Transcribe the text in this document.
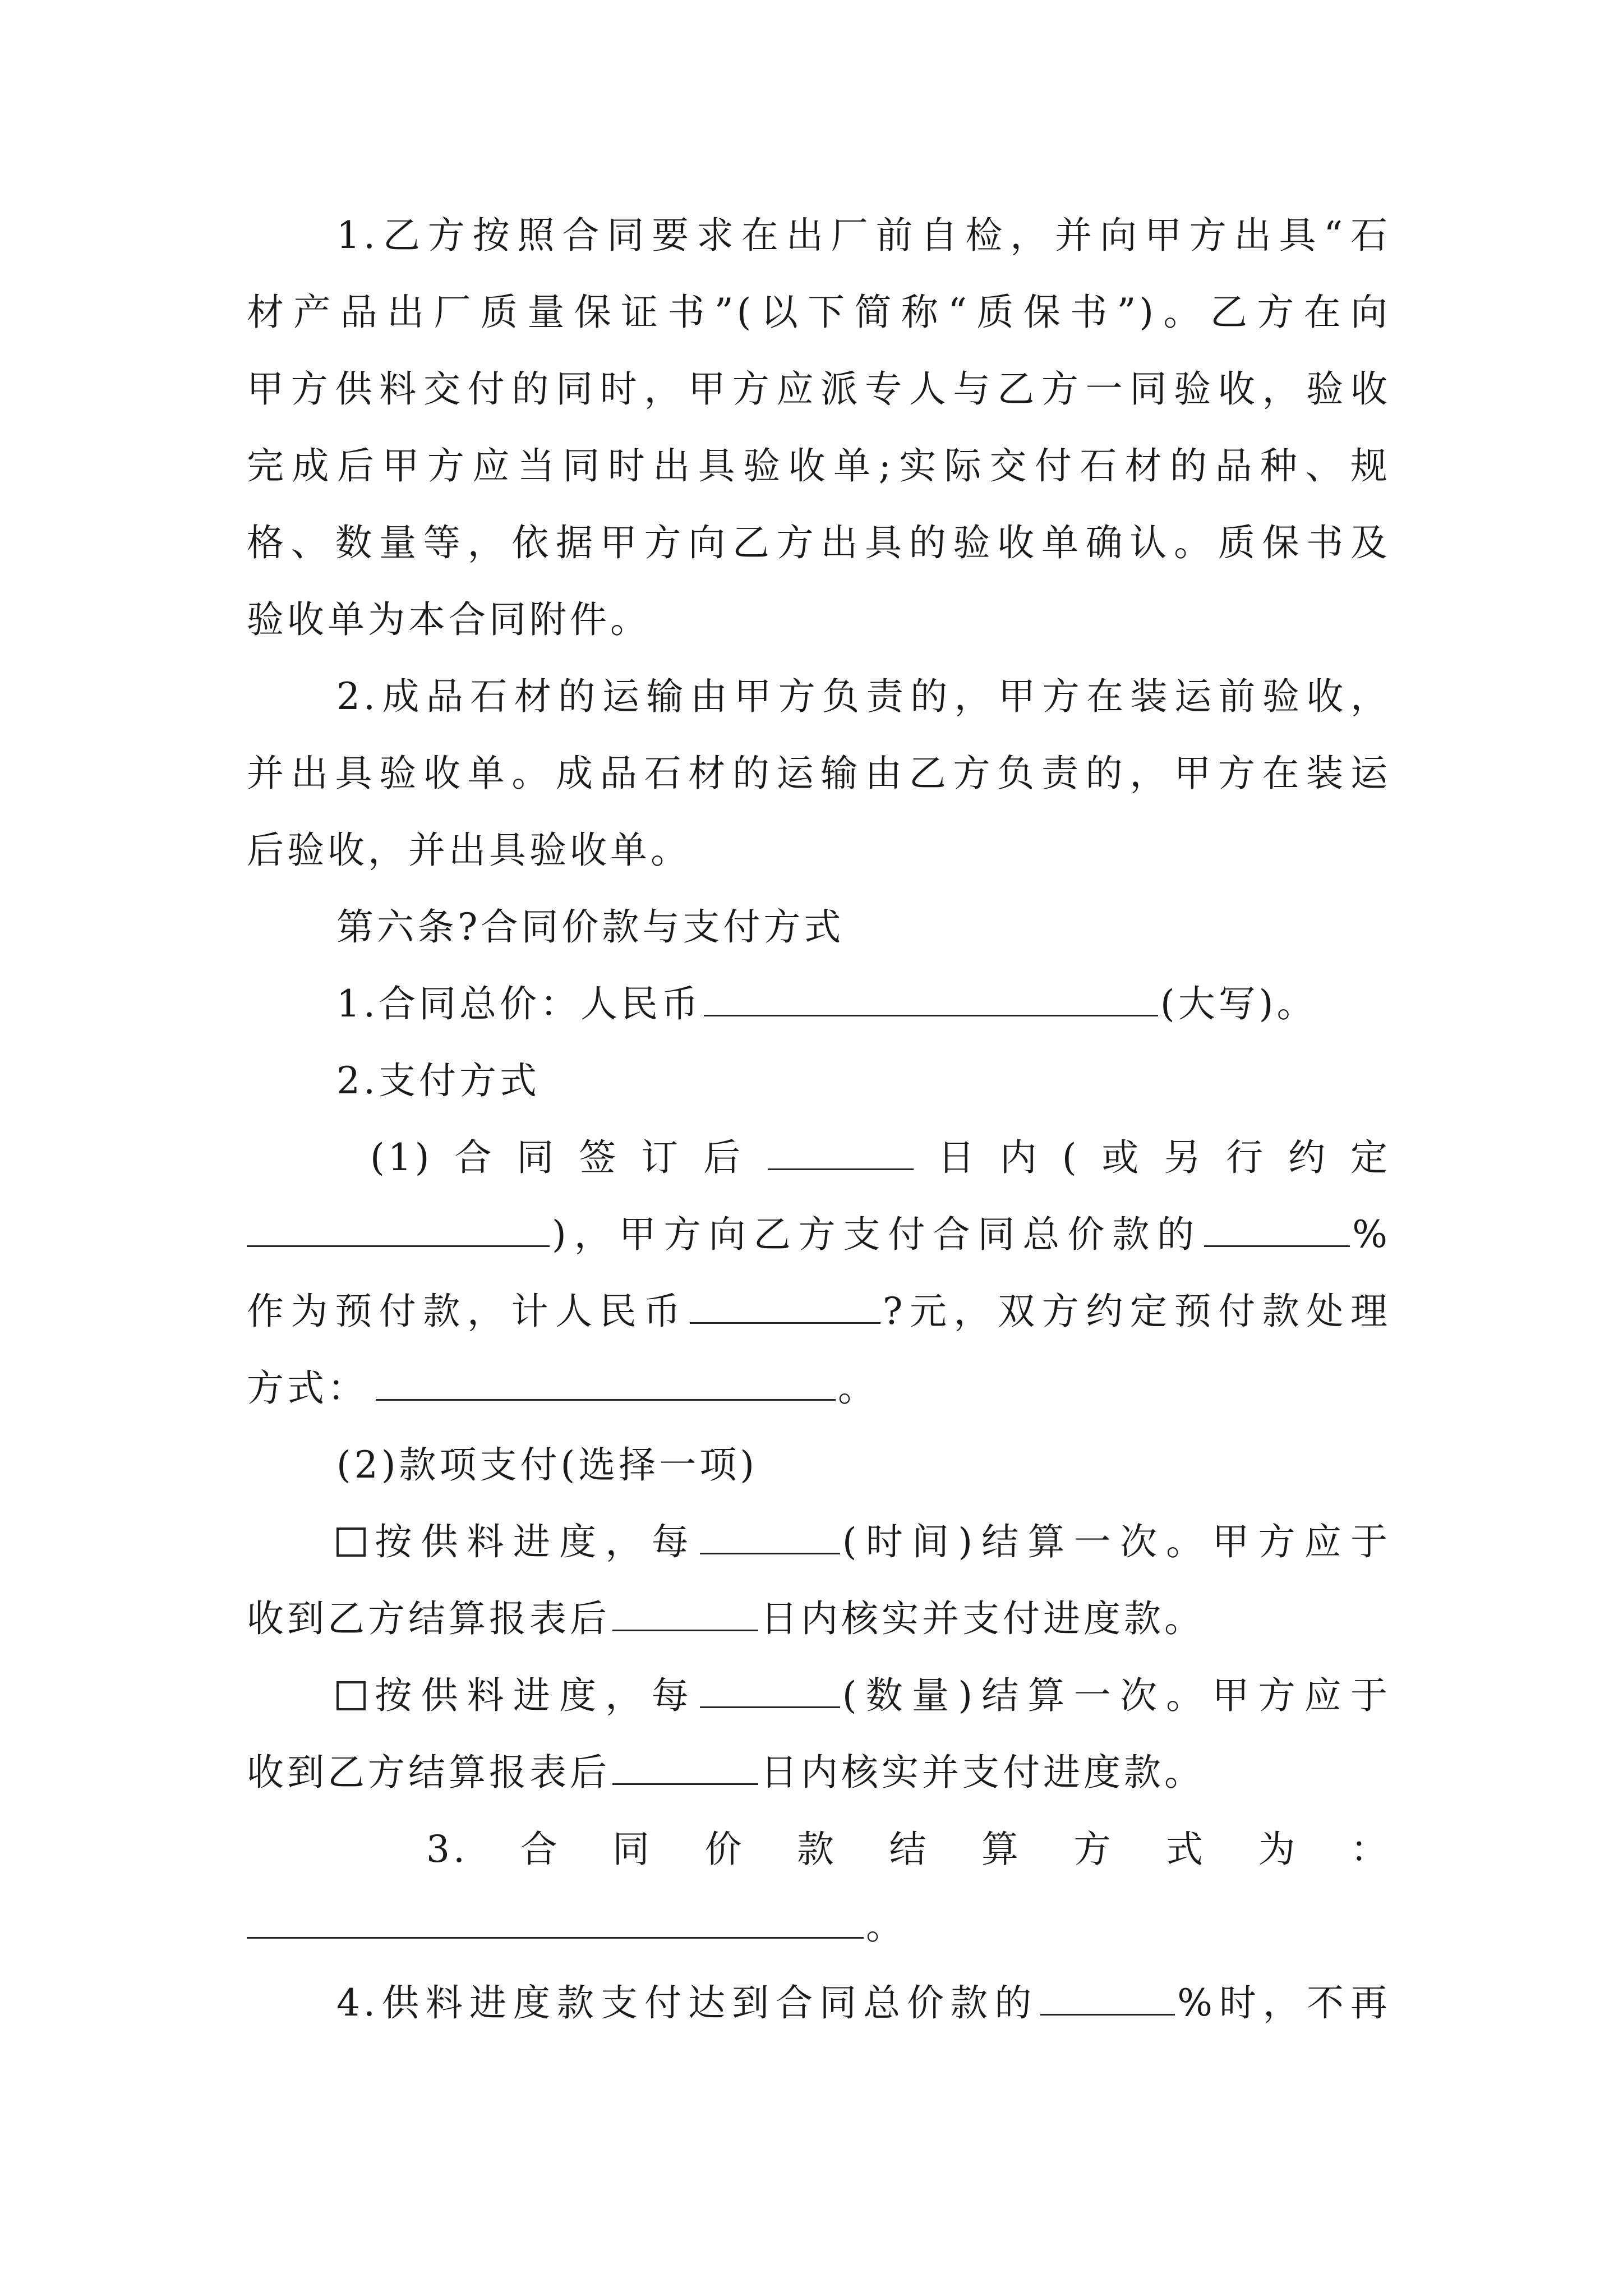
1.乙方按照合同要求在出厂前自检，并向甲方出具“石
材产品出厂质量保证书”(以下简称“质保书”)。乙方在向
甲方供料交付的同时，甲方应派专人与乙方一同验收，验收
完成后甲方应当同时出具验收单;实际交付石材的品种、规
格、数量等，依据甲方向乙方出具的验收单确认。质保书及
验收单为本合同附件。
2.成品石材的运输由甲方负责的，甲方在装运前验收，
并出具验收单。成品石材的运输由乙方负责的，甲方在装运
后验收，并出具验收单。
第六条?合同价款与支付方式
1.合同总价：人民币	(大写)。
2.支付方式
(1)合同签订后	日内(或另行约定
)，甲方向乙方支付合同总价款的	%
作为预付款，计人民币	?元，双方约定预付款处理
方式：	。
(2)款项支付(选择一项)
按供料进度，每	(时间)结算一次。甲方应于
收到乙方结算报表后	日内核实并支付进度款。
按供料进度，每	(数量)结算一次。甲方应于
收到乙方结算报表后	日内核实并支付进度款。
3.合同价款结算方式为：
。
4.供料进度款支付达到合同总价款的	%时，不再
